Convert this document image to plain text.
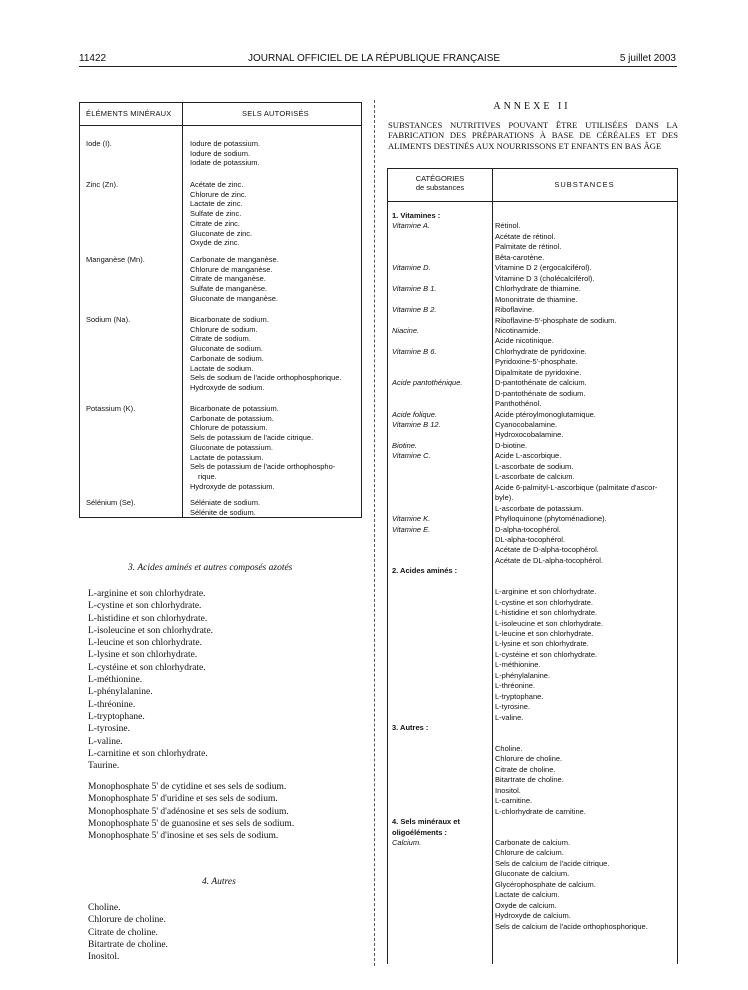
11422	JOURNAL OFFICIEL DE LA RÉPUBLIQUE FRANÇAISE	5 juillet 2003
ÉLÉMENTS MINÉRAUX	SELS AUTORISÉS
Iode (I).	Iodure de potassium.
Iodure de sodium.
Iodate de potassium.
Zinc (Zn).	Acétate de zinc.
Chlorure de zinc.
Lactate de zinc.
Sulfate de zinc.
Citrate de zinc.
Gluconate de zinc.
Oxyde de zinc.
Manganèse (Mn).	Carbonate de manganèse.
Chlorure de manganèse.
Citrate de manganèse.
Sulfate de manganèse.
Gluconate de manganèse.
Sodium (Na).	Bicarbonate de sodium.
Chlorure de sodium.
Citrate de sodium.
Gluconate de sodium.
Carbonate de sodium.
Lactate de sodium.
Sels de sodium de l'acide orthophosphorique.
Hydroxyde de sodium.
Potassium (K).	Bicarbonate de potassium.
Carbonate de potassium.
Chlorure de potassium.
Sels de potassium de l'acide citrique.
Gluconate de potassium.
Lactate de potassium.
Sels de potassium de l'acide orthophospho-
rique.
Hydroxyde de potassium.
Sélénium (Se).	Séléniate de sodium.
Sélénite de sodium.
3. Acides aminés et autres composés azotés
L-arginine et son chlorhydrate.
L-cystine et son chlorhydrate.
L-histidine et son chlorhydrate.
L-isoleucine et son chlorhydrate.
L-leucine et son chlorhydrate.
L-lysine et son chlorhydrate.
L-cystéine et son chlorhydrate.
L-méthionine.
L-phénylalanine.
L-thréonine.
L-tryptophane.
L-tyrosine.
L-valine.
L-carnitine et son chlorhydrate.
Taurine.
Monophosphate 5' de cytidine et ses sels de sodium.
Monophosphate 5' d'uridine et ses sels de sodium.
Monophosphate 5' d'adénosine et ses sels de sodium.
Monophosphate 5' de guanosine et ses sels de sodium.
Monophosphate 5' d'inosine et ses sels de sodium.
4. Autres
Choline.
Chlorure de choline.
Citrate de choline.
Bitartrate de choline.
Inositol.
ANNEXE II
SUBSTANCES NUTRITIVES POUVANT ÊTRE UTILISÉES DANS LA FABRICATION DES PRÉPARATIONS À BASE DE CÉRÉALES ET DES ALIMENTS DESTINÉS AUX NOURRISSONS ET ENFANTS EN BAS ÂGE
CATÉGORIES
de substances	SUBSTANCES
1. Vitamines :
Vitamine A.	Rétinol.
Acétate de rétinol.
Palmitate de rétinol.
Bêta-carotène.
Vitamine D.	Vitamine D 2 (ergocalciférol).
Vitamine D 3 (cholécalciférol).
Vitamine B 1.	Chlorhydrate de thiamine.
Mononitrate de thiamine.
Vitamine B 2.	Riboflavine.
Riboflavine-5'-phosphate de sodium.
Niacine.	Nicotinamide.
Acide nicotinique.
Vitamine B 6.	Chlorhydrate de pyridoxine.
Pyridoxine-5'-phosphate.
Dipalmitate de pyridoxine.
Acide pantothénique.	D-pantothénate de calcium.
D-pantothénate de sodium.
Panthothénol.
Acide folique.	Acide ptéroylmonoglutamique.
Vitamine B 12.	Cyanocobalamine.
Hydroxocobalamine.
Biotine.	D-biotine.
Vitamine C.	Acide L-ascorbique.
L-ascorbate de sodium.
L-ascorbate de calcium.
Acide 6-palmityl-L-ascorbique (palmitate d'ascor-
byle).
L-ascorbate de potassium.
Vitamine K.	Phylloquinone (phytoménadione).
Vitamine E.	D-alpha-tocophérol.
DL-alpha-tocophérol.
Acétate de D-alpha-tocophérol.
Acétate de DL-alpha-tocophérol.
2. Acides aminés :
L-arginine et son chlorhydrate.
L-cystine et son chlorhydrate.
L-histidine et son chlorhydrate.
L-isoleucine et son chlorhydrate.
L-leucine et son chlorhydrate.
L-lysine et son chlorhydrate.
L-cystéine et son chlorhydrate.
L-méthionine.
L-phénylalanine.
L-thréonine.
L-tryptophane.
L-tyrosine.
L-valine.
3. Autres :
Choline.
Chlorure de choline.
Citrate de choline.
Bitartrate de choline.
Inositol.
L-carnitine.
L-chlorhydrate de carnitine.
4. Sels minéraux et
oligoéléments :
Calcium.	Carbonate de calcium.
Chlorure de calcium.
Sels de calcium de l'acide citrique.
Gluconate de calcium.
Glycérophosphate de calcium.
Lactate de calcium.
Oxyde de calcium.
Hydroxyde de calcium.
Sels de calcium de l'acide orthophosphorique.
